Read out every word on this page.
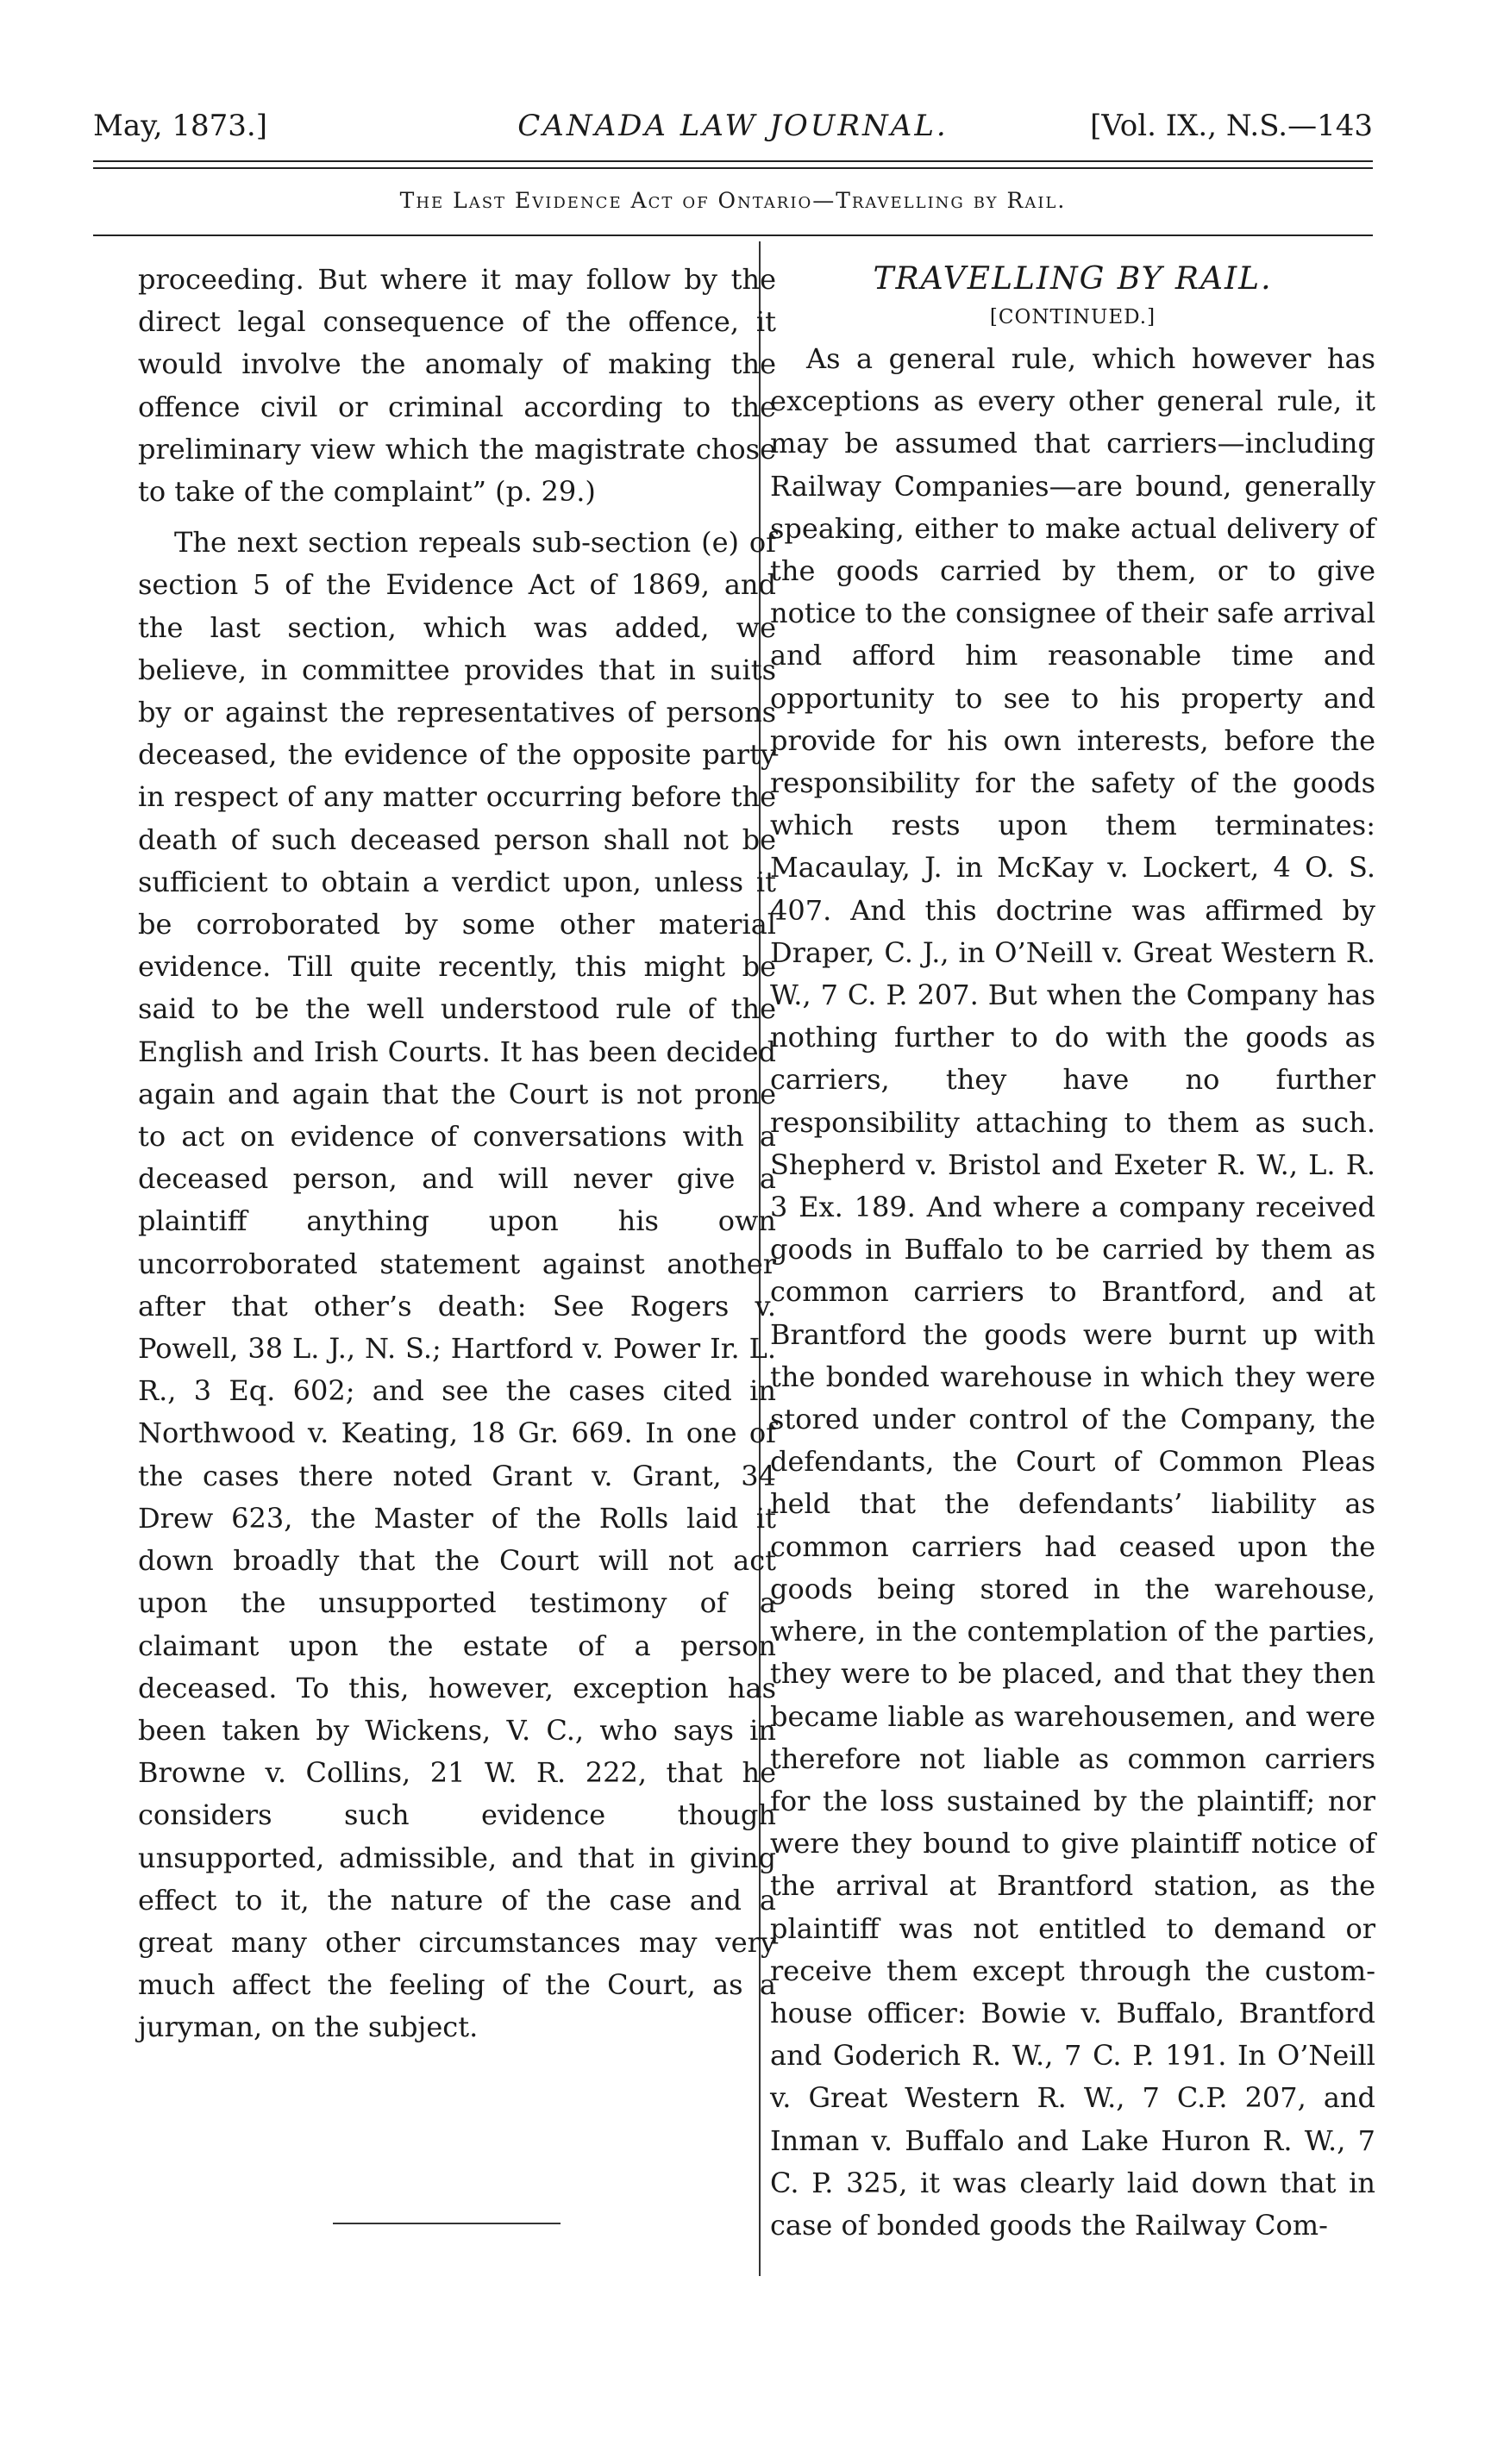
May, 1873.]	CANADA LAW JOURNAL.	[Vol. IX., N.S.—143
The Last Evidence Act of Ontario—Travelling by Rail.

proceeding. But where it may follow by the direct legal consequence of the offence, it would involve the anomaly of making the offence civil or criminal according to the preliminary view which the magistrate chose to take of the complaint” (p. 29.)

The next section repeals sub-section (e) of section 5 of the Evidence Act of 1869, and the last section, which was added, we believe, in committee provides that in suits by or against the representatives of persons deceased, the evidence of the opposite party in respect of any matter occurring before the death of such deceased person shall not be sufficient to obtain a verdict upon, unless it be corroborated by some other material evidence. Till quite recently, this might be said to be the well understood rule of the English and Irish Courts. It has been decided again and again that the Court is not prone to act on evidence of conversations with a deceased person, and will never give a plaintiff anything upon his own uncorroborated statement against another after that other’s death: See Rogers v. Powell, 38 L. J., N. S.; Hartford v. Power Ir. L. R., 3 Eq. 602; and see the cases cited in Northwood v. Keating, 18 Gr. 669. In one of the cases there noted Grant v. Grant, 34 Drew 623, the Master of the Rolls laid it down broadly that the Court will not act upon the unsupported testimony of a claimant upon the estate of a person deceased. To this, however, exception has been taken by Wickens, V. C., who says in Browne v. Collins, 21 W. R. 222, that he considers such evidence though unsupported, admissible, and that in giving effect to it, the nature of the case and a great many other circumstances may very much affect the feeling of the Court, as a juryman, on the subject.

TRAVELLING BY RAIL.

[CONTINUED.]

As a general rule, which however has exceptions as every other general rule, it may be assumed that carriers—including Railway Companies—are bound, generally speaking, either to make actual delivery of the goods carried by them, or to give notice to the consignee of their safe arrival and afford him reasonable time and opportunity to see to his property and provide for his own interests, before the responsibility for the safety of the goods which rests upon them terminates: Macaulay, J. in McKay v. Lockert, 4 O. S. 407. And this doctrine was affirmed by Draper, C. J., in O’Neill v. Great Western R. W., 7 C. P. 207. But when the Company has nothing further to do with the goods as carriers, they have no further responsibility attaching to them as such. Shepherd v. Bristol and Exeter R. W., L. R. 3 Ex. 189. And where a company received goods in Buffalo to be carried by them as common carriers to Brantford, and at Brantford the goods were burnt up with the bonded warehouse in which they were stored under control of the Company, the defendants, the Court of Common Pleas held that the defendants’ liability as common carriers had ceased upon the goods being stored in the warehouse, where, in the contemplation of the parties, they were to be placed, and that they then became liable as warehousemen, and were therefore not liable as common carriers for the loss sustained by the plaintiff; nor were they bound to give plaintiff notice of the arrival at Brantford station, as the plaintiff was not entitled to demand or receive them except through the custom-house officer: Bowie v. Buffalo, Brantford and Goderich R. W., 7 C. P. 191. In O’Neill v. Great Western R. W., 7 C.P. 207, and Inman v. Buffalo and Lake Huron R. W., 7 C. P. 325, it was clearly laid down that in case of bonded goods the Railway Com-
